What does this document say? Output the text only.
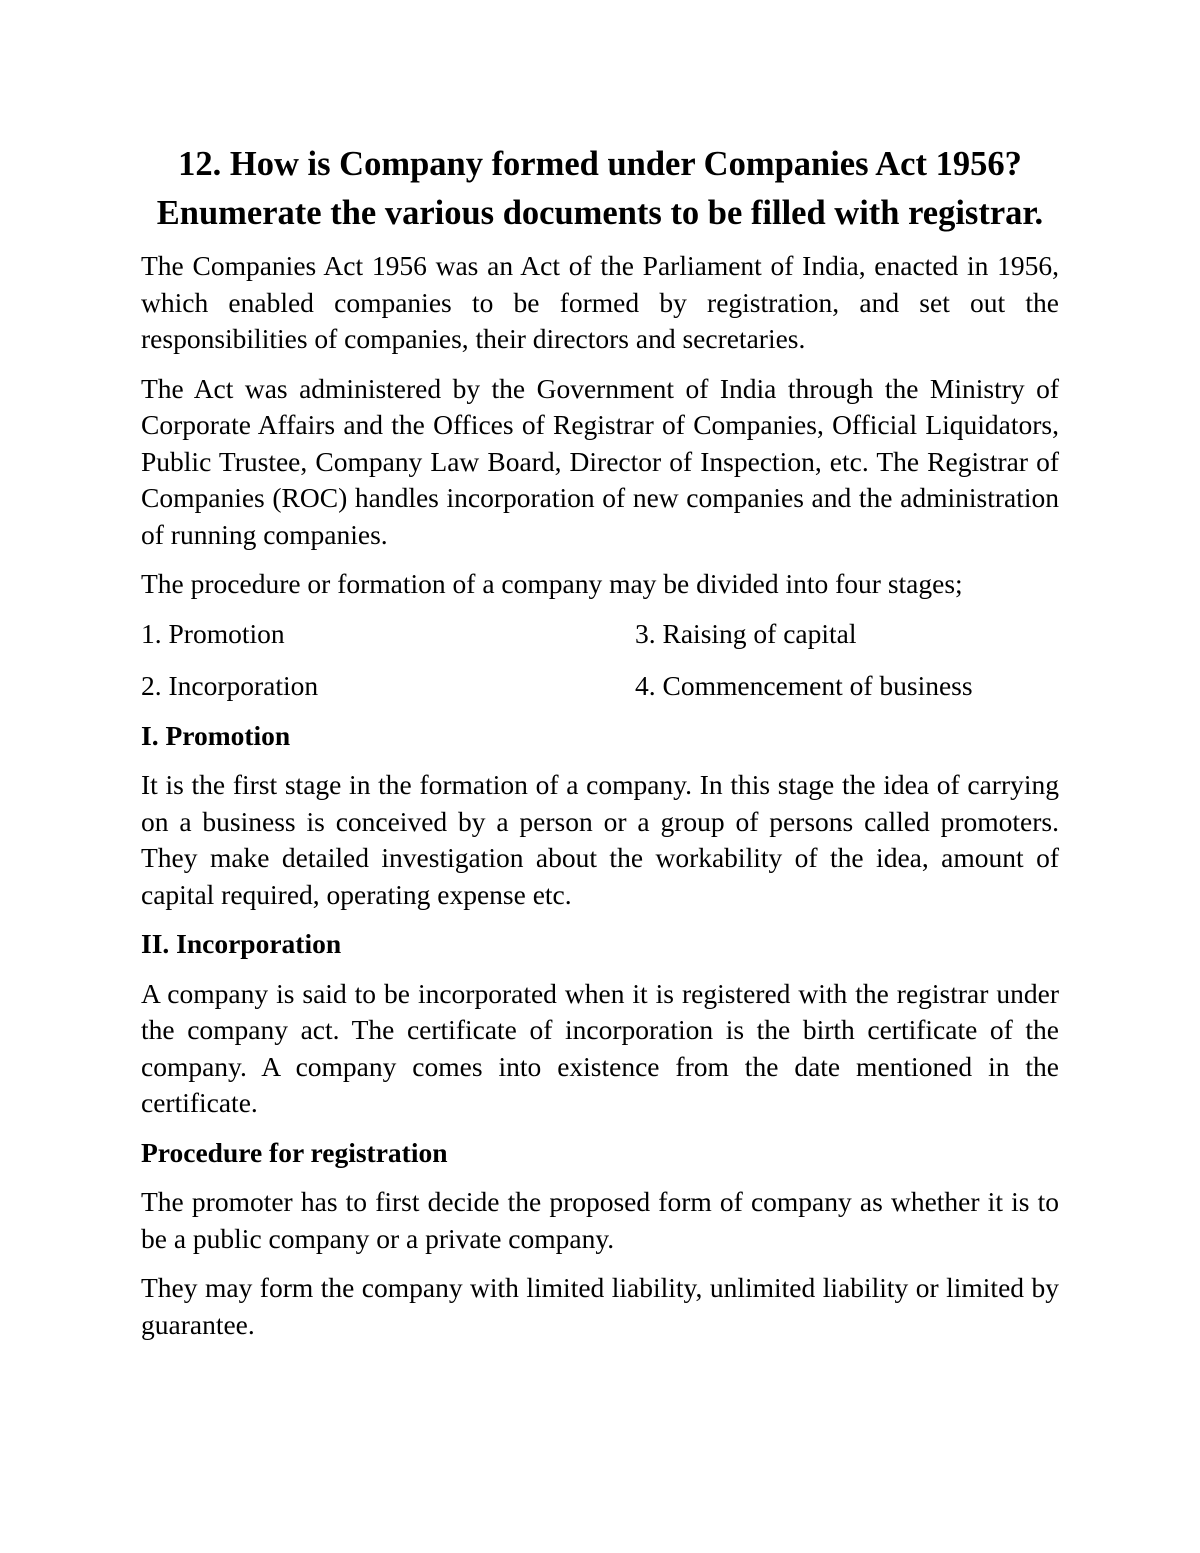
12. How is Company formed under Companies Act 1956?
Enumerate the various documents to be filled with registrar.

The Companies Act 1956 was an Act of the Parliament of India, enacted in 1956, which enabled companies to be formed by registration, and set out the responsibilities of companies, their directors and secretaries.

The Act was administered by the Government of India through the Ministry of Corporate Affairs and the Offices of Registrar of Companies, Official Liquidators, Public Trustee, Company Law Board, Director of Inspection, etc. The Registrar of Companies (ROC) handles incorporation of new companies and the administration of running companies.

The procedure or formation of a company may be divided into four stages;

1. Promotion	3. Raising of capital
2. Incorporation	4. Commencement of business
I. Promotion

It is the first stage in the formation of a company. In this stage the idea of carrying on a business is conceived by a person or a group of persons called promoters. They make detailed investigation about the workability of the idea, amount of capital required, operating expense etc.

II. Incorporation

A company is said to be incorporated when it is registered with the registrar under the company act. The certificate of incorporation is the birth certificate of the company. A company comes into existence from the date mentioned in the certificate.

Procedure for registration

The promoter has to first decide the proposed form of company as whether it is to be a public company or a private company.

They may form the company with limited liability, unlimited liability or limited by guarantee.
